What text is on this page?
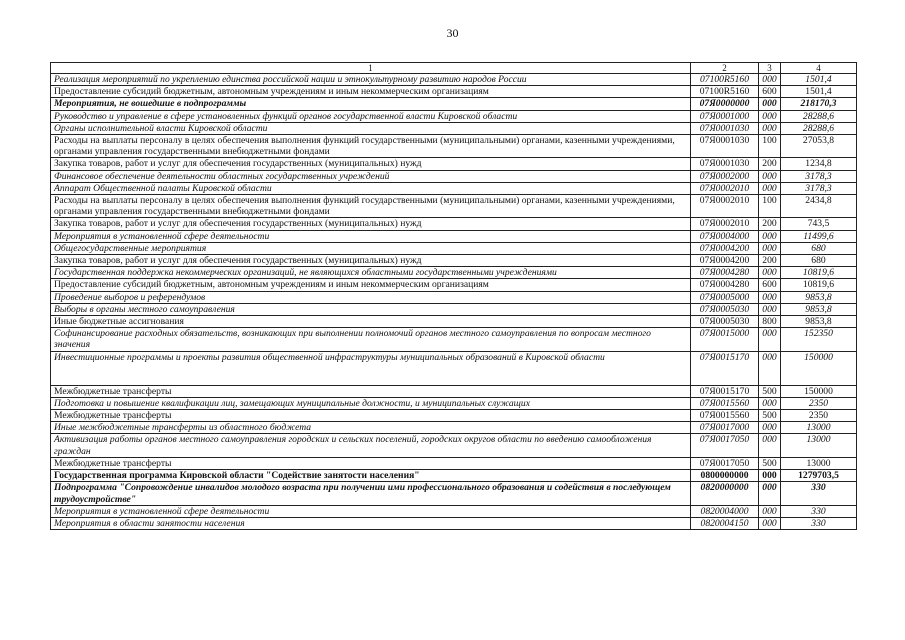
30
1	2	3	4
Реализация мероприятий по укреплению единства российской нации и этнокультурному развитию народов России	07100R5160	000	1501,4
Предоставление субсидий бюджетным, автономным учреждениям и иным некоммерческим организациям	07100R5160	600	1501,4
Мероприятия, не вошедшие в подпрограммы	07Я0000000	000	218170,3
Руководство и управление в сфере установленных функций органов государственной власти Кировской области	07Я0001000	000	28288,6
Органы исполнительной власти Кировской области	07Я0001030	000	28288,6
Расходы на выплаты персоналу в целях обеспечения выполнения функций государственными (муниципальными) органами, казенными учреждениями, органами управления государственными внебюджетными фондами	07Я0001030	100	27053,8
Закупка товаров, работ и услуг для обеспечения государственных (муниципальных) нужд	07Я0001030	200	1234,8
Финансовое обеспечение деятельности областных государственных учреждений	07Я0002000	000	3178,3
Аппарат Общественной палаты Кировской области	07Я0002010	000	3178,3
Расходы на выплаты персоналу в целях обеспечения выполнения функций государственными (муниципальными) органами, казенными учреждениями, органами управления государственными внебюджетными фондами	07Я0002010	100	2434,8
Закупка товаров, работ и услуг для обеспечения государственных (муниципальных) нужд	07Я0002010	200	743,5
Мероприятия в установленной сфере деятельности	07Я0004000	000	11499,6
Общегосударственные мероприятия	07Я0004200	000	680
Закупка товаров, работ и услуг для обеспечения государственных (муниципальных) нужд	07Я0004200	200	680
Государственная поддержка некоммерческих организаций, не являющихся областными государственными учреждениями	07Я0004280	000	10819,6
Предоставление субсидий бюджетным, автономным учреждениям и иным некоммерческим организациям	07Я0004280	600	10819,6
Проведение выборов и референдумов	07Я0005000	000	9853,8
Выборы в органы местного самоуправления	07Я0005030	000	9853,8
Иные бюджетные ассигнования	07Я0005030	800	9853,8
Софинансирование расходных обязательств, возникающих при выполнении полномочий органов местного самоуправления по вопросам местного значения	07Я0015000	000	152350
Инвестиционные программы и проекты развития общественной инфраструктуры муниципальных образований в Кировской области	07Я0015170	000	150000
Межбюджетные трансферты	07Я0015170	500	150000
Подготовка и повышение квалификации лиц, замещающих муниципальные должности, и муниципальных служащих	07Я0015560	000	2350
Межбюджетные трансферты	07Я0015560	500	2350
Иные межбюджетные трансферты из областного бюджета	07Я0017000	000	13000
Активизация работы органов местного самоуправления городских и сельских поселений, городских округов области по введению самообложения граждан	07Я0017050	000	13000
Межбюджетные трансферты	07Я0017050	500	13000
Государственная программа Кировской области "Содействие занятости населения"	0800000000	000	1279703,5
Подпрограмма "Сопровождение инвалидов молодого возраста при получении ими профессионального образования и содействия в последующем трудоустройстве"	0820000000	000	330
Мероприятия в установленной сфере деятельности	0820004000	000	330
Мероприятия в области занятости населения	0820004150	000	330
